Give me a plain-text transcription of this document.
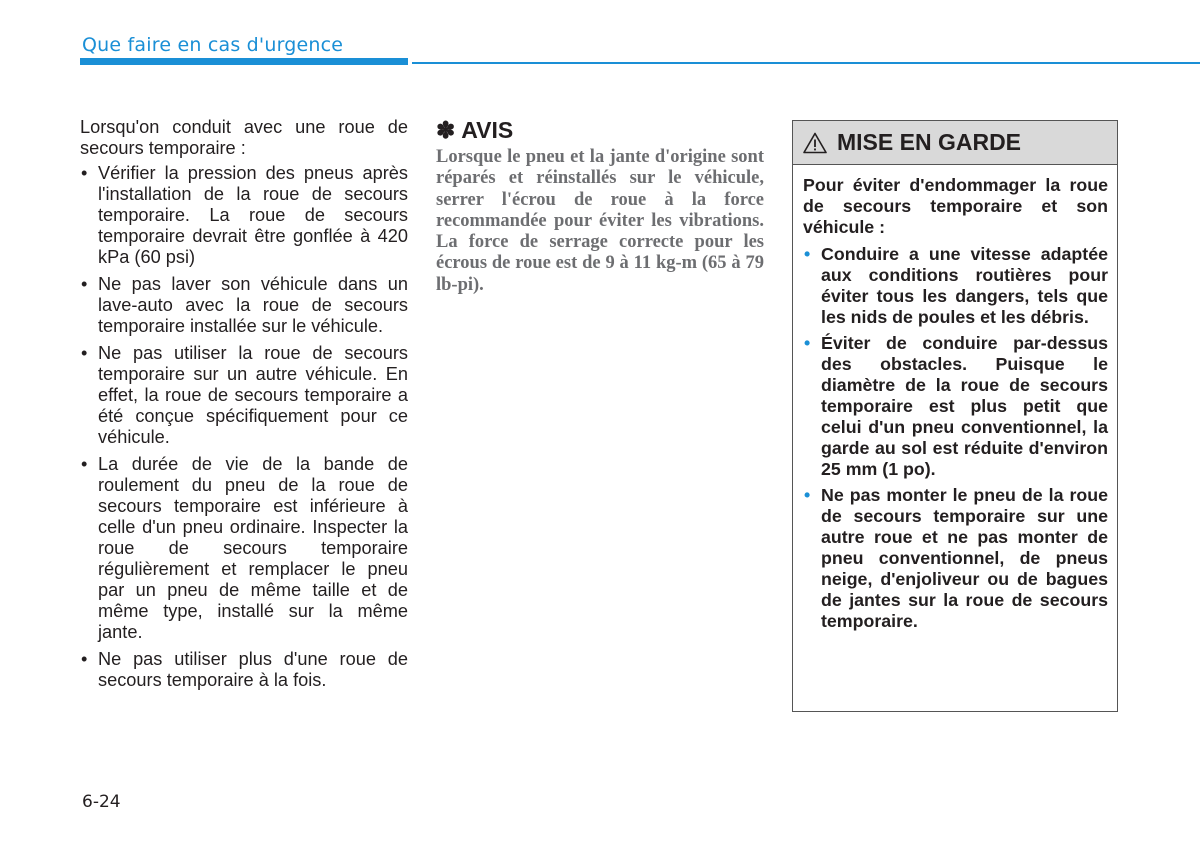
Que faire en cas d'urgence

Lorsqu'on conduit avec une roue de secours temporaire :

• Vérifier la pression des pneus après l'installation de la roue de secours temporaire. La roue de secours temporaire devrait être gonflée à 420 kPa (60 psi)
• Ne pas laver son véhicule dans un lave-auto avec la roue de secours temporaire installée sur le véhicule.
• Ne pas utiliser la roue de secours temporaire sur un autre véhicule. En effet, la roue de secours temporaire a été conçue spécifiquement pour ce véhicule.
• La durée de vie de la bande de roulement du pneu de la roue de secours temporaire est inférieure à celle d'un pneu ordinaire. Inspecter la roue de secours temporaire régulièrement et remplacer le pneu par un pneu de même taille et de même type, installé sur la même jante.
• Ne pas utiliser plus d'une roue de secours temporaire à la fois.
✽ AVIS
Lorsque le pneu et la jante d'origine sont réparés et réinstallés sur le véhicule, serrer l'écrou de roue à la force recommandée pour éviter les vibrations. La force de serrage correcte pour les écrous de roue est de 9 à 11 kg-m (65 à 79 lb-pi).
MISE EN GARDE

Pour éviter d'endommager la roue de secours temporaire et son véhicule :

• Conduire a une vitesse adaptée aux conditions routières pour éviter tous les dangers, tels que les nids de poules et les débris.
• Éviter de conduire par-dessus des obstacles. Puisque le diamètre de la roue de secours temporaire est plus petit que celui d'un pneu conventionnel, la garde au sol est réduite d'environ 25 mm (1 po).
• Ne pas monter le pneu de la roue de secours temporaire sur une autre roue et ne pas monter de pneu conventionnel, de pneus neige, d'enjoliveur ou de bagues de jantes sur la roue de secours temporaire.
6-24
